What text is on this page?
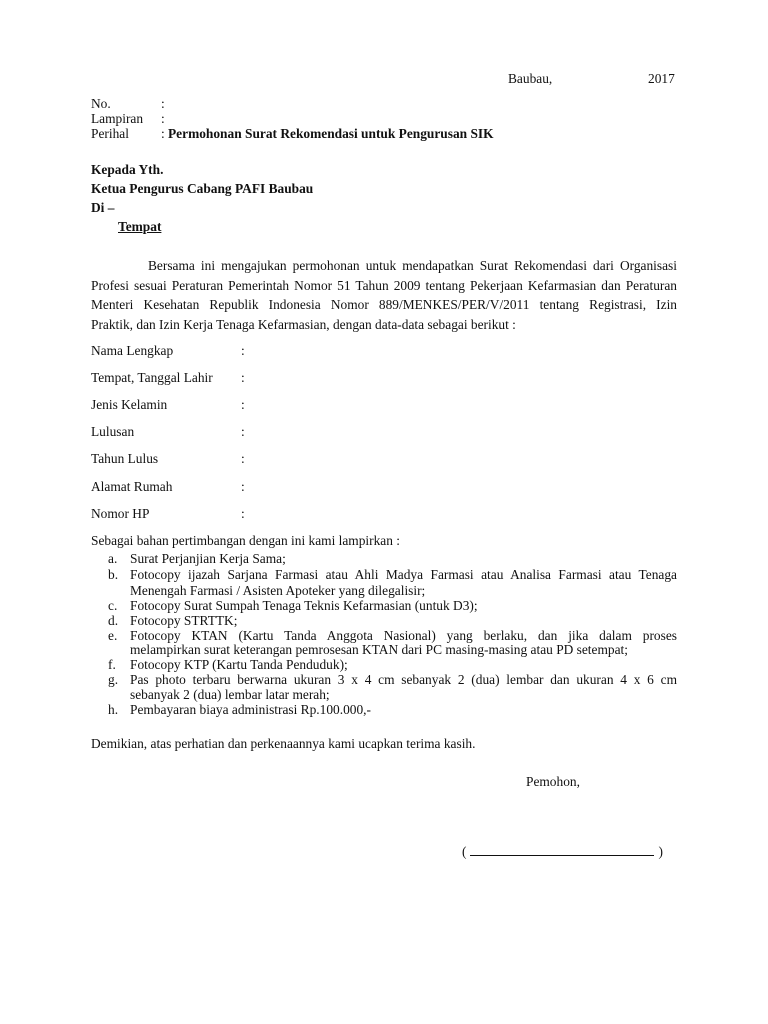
Baubau,	2017
No.	:
Lampiran :
Perihal : Permohonan Surat Rekomendasi untuk Pengurusan SIK
Kepada Yth.
Ketua Pengurus Cabang PAFI Baubau
Di –
Tempat
Bersama ini mengajukan permohonan untuk mendapatkan Surat Rekomendasi dari Organisasi
Profesi sesuai Peraturan Pemerintah Nomor 51 Tahun 2009 tentang Pekerjaan Kefarmasian dan Peraturan
Menteri Kesehatan Republik Indonesia Nomor 889/MENKES/PER/V/2011 tentang Registrasi, Izin
Praktik, dan Izin Kerja Tenaga Kefarmasian, dengan data-data sebagai berikut :
Nama Lengkap	:
Tempat, Tanggal Lahir :
Jenis Kelamin	:
Lulusan	:
Tahun Lulus	:
Alamat Rumah	:
Nomor HP	:
Sebagai bahan pertimbangan dengan ini kami lampirkan :
a. Surat Perjanjian Kerja Sama;
b. Fotocopy ijazah Sarjana Farmasi atau Ahli Madya Farmasi atau Analisa Farmasi atau Tenaga
Menengah Farmasi / Asisten Apoteker yang dilegalisir;
c. Fotocopy Surat Sumpah Tenaga Teknis Kefarmasian (untuk D3);
d. Fotocopy STRTTK;
e. Fotocopy KTAN (Kartu Tanda Anggota Nasional) yang berlaku, dan jika dalam proses
melampirkan surat keterangan pemrosesan KTAN dari PC masing-masing atau PD setempat;
f.	Fotocopy KTP (Kartu Tanda Penduduk);
g. Pas photo terbaru berwarna ukuran 3 x 4 cm sebanyak 2 (dua) lembar dan ukuran 4 x 6 cm
sebanyak 2 (dua) lembar latar merah;
h. Pembayaran biaya administrasi Rp.100.000,-
Demikian, atas perhatian dan perkenaannya kami ucapkan terima kasih.
Pemohon,
(	)
